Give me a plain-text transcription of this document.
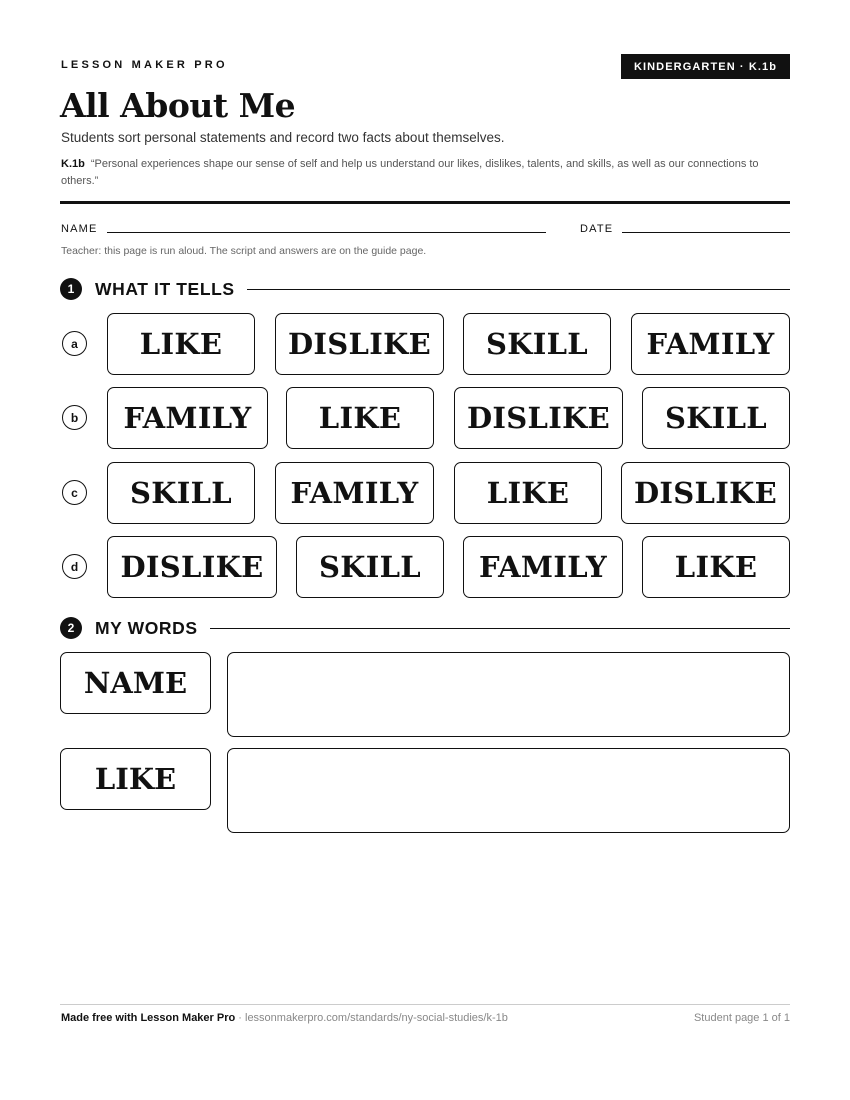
LESSON MAKER PRO	KINDERGARTEN · K.1b
All About Me
Students sort personal statements and record two facts about themselves.
K.1b “Personal experiences shape our sense of self and help us understand our likes, dislikes, talents, and skills, as well as our connections to others.”
NAME	DATE
Teacher: this page is run aloud. The script and answers are on the guide page.
1	WHAT IT TELLS
a	LIKE	DISLIKE	SKILL	FAMILY
b	FAMILY	LIKE	DISLIKE	SKILL
c	SKILL	FAMILY	LIKE	DISLIKE
d	DISLIKE	SKILL	FAMILY	LIKE
2	MY WORDS
NAME
LIKE
Made free with Lesson Maker Pro · lessonmakerpro.com/standards/ny-social-studies/k-1b	Student page 1 of 1
